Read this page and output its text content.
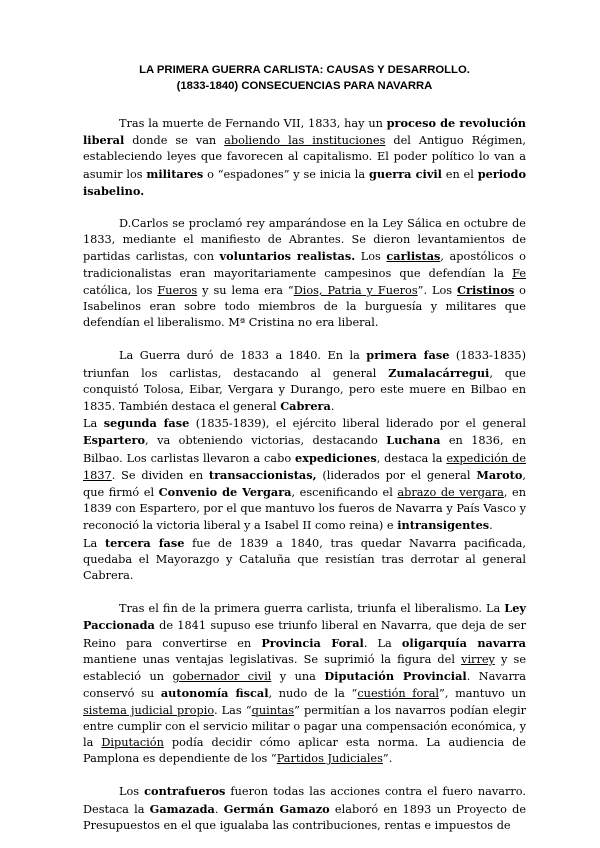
LA PRIMERA GUERRA CARLISTA: CAUSAS Y DESARROLLO.
(1833-1840) CONSECUENCIAS PARA NAVARRA

Tras la muerte de Fernando VII, 1833, hay un proceso de revolución liberal donde se van aboliendo las instituciones del Antiguo Régimen, estableciendo leyes que favorecen al capitalismo. El poder político lo van a asumir los militares o “espadones” y se inicia la guerra civil en el periodo isabelino.

D.Carlos se proclamó rey amparándose en la Ley Sálica en octubre de 1833, mediante el manifiesto de Abrantes. Se dieron levantamientos de partidas carlistas, con voluntarios realistas. Los carlistas, apostólicos o tradicionalistas eran mayoritariamente campesinos que defendían la Fe católica, los Fueros y su lema era “Dios, Patria y Fueros”. Los Cristinos o Isabelinos eran sobre todo miembros de la burguesía y militares que defendían el liberalismo. Mª Cristina no era liberal.

La Guerra duró de 1833 a 1840. En la primera fase (1833-1835) triunfan los carlistas, destacando al general Zumalacárregui, que conquistó Tolosa, Eibar, Vergara y Durango, pero este muere en Bilbao en 1835. También destaca el general Cabrera.

La segunda fase (1835-1839), el ejército liberal liderado por el general Espartero, va obteniendo victorias, destacando Luchana en 1836, en Bilbao. Los carlistas llevaron a cabo expediciones, destaca la expedición de 1837. Se dividen en transaccionistas, (liderados por el general Maroto, que firmó el Convenio de Vergara, escenificando el abrazo de vergara, en 1839 con Espartero, por el que mantuvo los fueros de Navarra y País Vasco y reconoció la victoria liberal y a Isabel II como reina) e intransigentes.

La tercera fase fue de 1839 a 1840, tras quedar Navarra pacificada, quedaba el Mayorazgo y Cataluña que resistían tras derrotar al general Cabrera.

Tras el fin de la primera guerra carlista, triunfa el liberalismo. La Ley Paccionada de 1841 supuso ese triunfo liberal en Navarra, que deja de ser Reino para convertirse en Provincia Foral. La oligarquía navarra mantiene unas ventajas legislativas. Se suprimió la figura del virrey y se estableció un gobernador civil y una Diputación Provincial. Navarra conservó su autonomía fiscal, nudo de la “cuestión foral”, mantuvo un sistema judicial propio. Las “quintas” permitían a los navarros podían elegir entre cumplir con el servicio militar o pagar una compensación económica, y la Diputación podía decidir cómo aplicar esta norma. La audiencia de Pamplona es dependiente de los “Partidos Judiciales”.

Los contrafueros fueron todas las acciones contra el fuero navarro. Destaca la Gamazada. Germán Gamazo elaboró en 1893 un Proyecto de Presupuestos en el que igualaba las contribuciones, rentas e impuestos de
